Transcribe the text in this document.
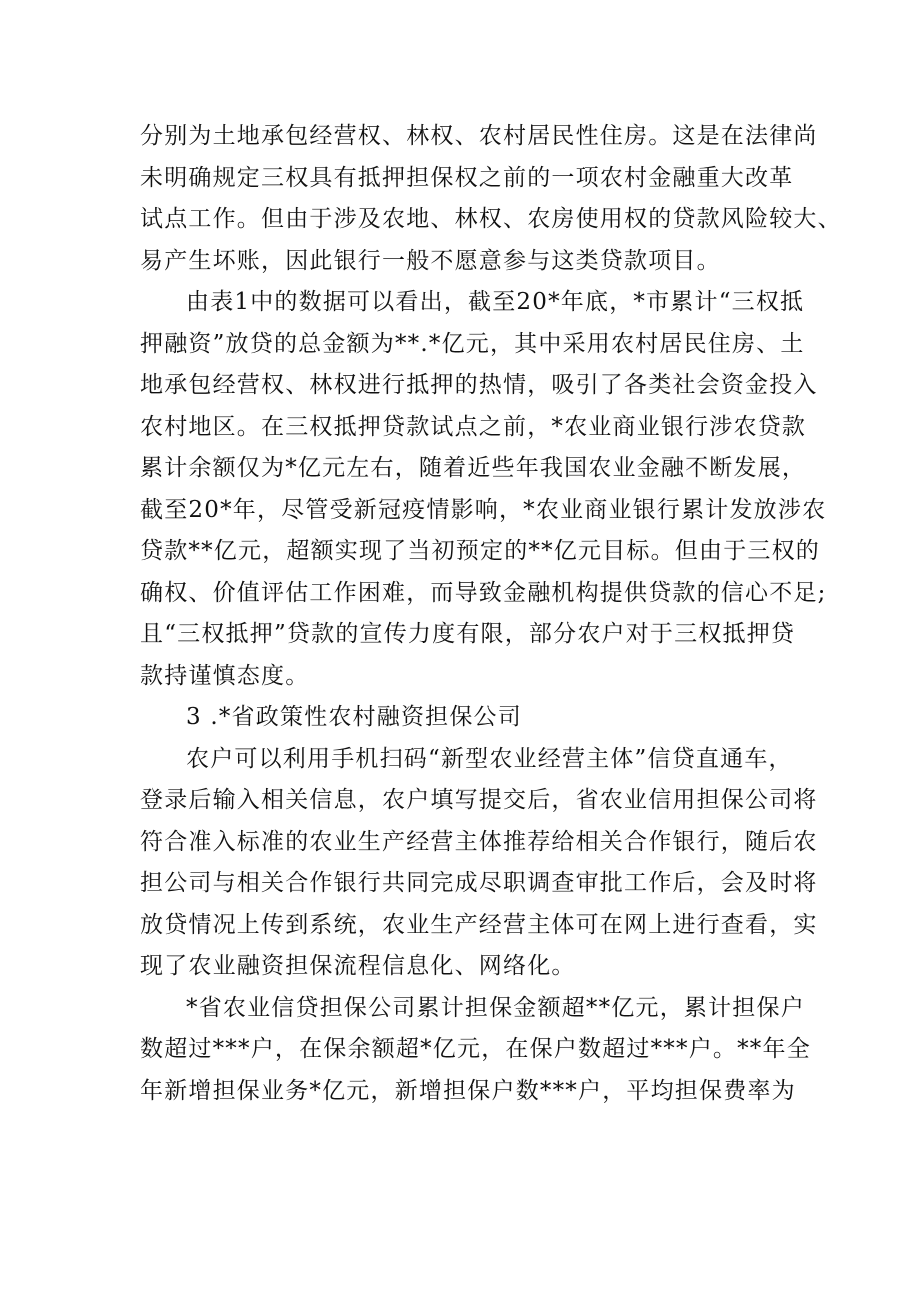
分别为土地承包经营权、林权、农村居民性住房。这是在法律尚
未明确规定三权具有抵押担保权之前的一项农村金融重大改革
试点工作。但由于涉及农地、林权、农房使用权的贷款风险较大、
易产生坏账，因此银行一般不愿意参与这类贷款项目。
由表1中的数据可以看出，截至20*年底，*市累计“三权抵
押融资”放贷的总金额为**.*亿元，其中采用农村居民住房、土
地承包经营权、林权进行抵押的热情，吸引了各类社会资金投入
农村地区。在三权抵押贷款试点之前，*农业商业银行涉农贷款
累计余额仅为*亿元左右，随着近些年我国农业金融不断发展，
截至20*年，尽管受新冠疫情影响，*农业商业银行累计发放涉农
贷款**亿元，超额实现了当初预定的**亿元目标。但由于三权的
确权、价值评估工作困难，而导致金融机构提供贷款的信心不足;
且“三权抵押”贷款的宣传力度有限，部分农户对于三权抵押贷
款持谨慎态度。
3 .*省政策性农村融资担保公司
农户可以利用手机扫码“新型农业经营主体”信贷直通车，
登录后输入相关信息，农户填写提交后，省农业信用担保公司将
符合准入标准的农业生产经营主体推荐给相关合作银行，随后农
担公司与相关合作银行共同完成尽职调查审批工作后，会及时将
放贷情况上传到系统，农业生产经营主体可在网上进行查看，实
现了农业融资担保流程信息化、网络化。
*省农业信贷担保公司累计担保金额超**亿元，累计担保户
数超过***户，在保余额超*亿元，在保户数超过***户。**年全
年新增担保业务*亿元，新增担保户数***户，平均担保费率为
